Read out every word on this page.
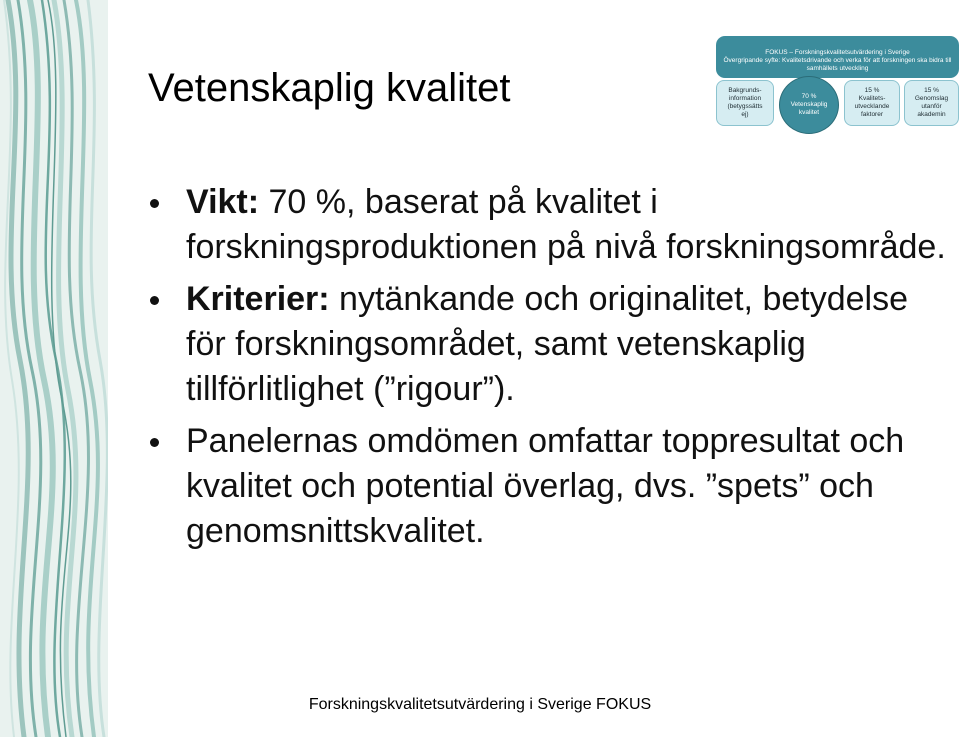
Vetenskaplig kvalitet
FOKUS – Forskningskvalitetsutvärdering i Sverige
Övergripande syfte: Kvalitetsdrivande och verka för att forskningen ska bidra till
samhällets utveckling
Bakgrunds-
information
(betygssätts
ej)
70 %
Vetenskaplig
kvalitet
15 %
Kvalitets-
utvecklande
faktorer
15 %
Genomslag
utanför
akademin
Vikt: 70 %, baserat på kvalitet i forskningsproduktionen på nivå forskningsområde.
Kriterier: nytänkande och originalitet, betydelse för forskningsområdet, samt vetenskaplig tillförlitlighet (”rigour”).
Panelernas omdömen omfattar toppresultat och kvalitet och potential överlag, dvs. ”spets” och genomsnittskvalitet.
Forskningskvalitetsutvärdering i Sverige FOKUS
